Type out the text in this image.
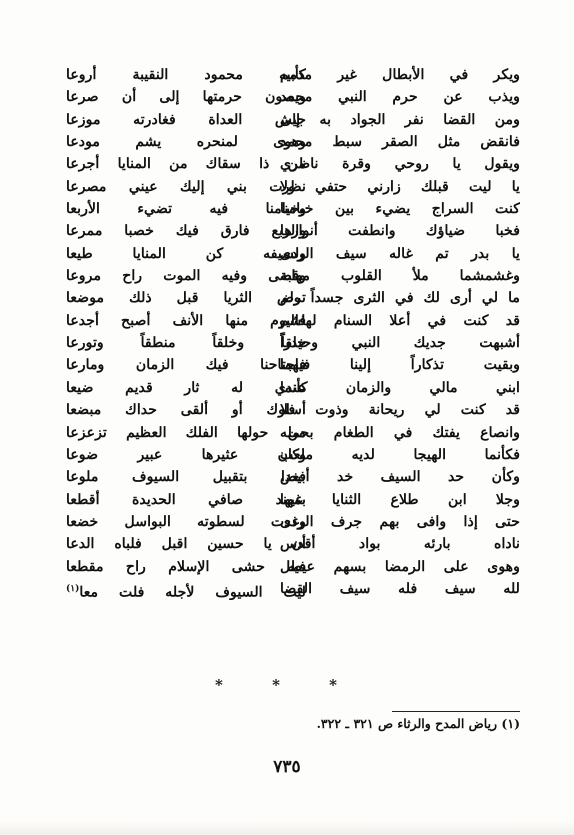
ويكر في الأبطال غير مذمم
ويذب عن حرم النبي محمد
ومن القضا نفر الجواد به إلى
فانقض مثل الصقر سبط محمد
ويقول يا روحي وقرة ناظري
يا ليت قبلك زارني حتفي ولا
كنت السراج يضيء بين خيامنا
فخبا ضياؤك وانطفت أنوارها
يا بدر تم غاله سيف الردى
وغشمشما ملأ القلوب مهابة
ما لي أرى لك في الثرى جسداً ولم
قد كنت في أعلا السنام لهاشم
أشبهت جديك النبي وحيدراً
وبقيت تذكاراً إلينا فيهما
ابني مالي والزمان كأنما
قد كنت لي ريحانة وذوت فلا
وانصاع يفتك في الطغام بحمله
فكأنما الهيجا لديه ملعب
وكأن حد السيف خد أبيض
وجلا ابن طلاع الثنايا غيها
حتى إذا وافى بهم جرف الردى
ناداه بارئه بواد أقدس
وهوى على الرمضا بسهم عيطل
لله سيف فله سيف القضا
كأبيه محمود النقيبة أروعا
ويصون حرمتها إلى أن صرعا
جيش العداة فغادرته موزعا
وهوى لمنحره يشم مودعا
من ذا سقاك من المنايا أجرعا
نظرت بني إليك عيني مصرعا
وخيامنا فيه تضيء الأربعا
والربع فارق فيك خصبا ممرعا
ولسيفه كن المنايا طيعا
وقضى وفيه الموت راح مروعا
ترض الثريا قبل ذلك موضعا
فاليوم منها الأنف أصبح أجدعا
خلقاً وخلقاً منطقاً وتورعا
فاجتاحنا فيك الزمان ومارعا
عندي له ثار قديم ضيعا
أسلوك أو ألقى حداك مبضعا
من حولها الفلك العظيم تزعزعا
وكان عثيرها عبير ضوعا
فغدا بتقبيل السيوف ملوعا
بمهند صافي الحديدة أقطعا
وغدت لسطوته البواسل خضعا
أن يا حسين اقبل فلباه الدعا
فيه حشى الإسلام راح مقطعا
ليت السيوف لأجله فلت معا$^{(١)}$
* * *
(١) رياض المدح والرثاء ص ٣٢١ ـ ٣٢٢.
٧٣٥
